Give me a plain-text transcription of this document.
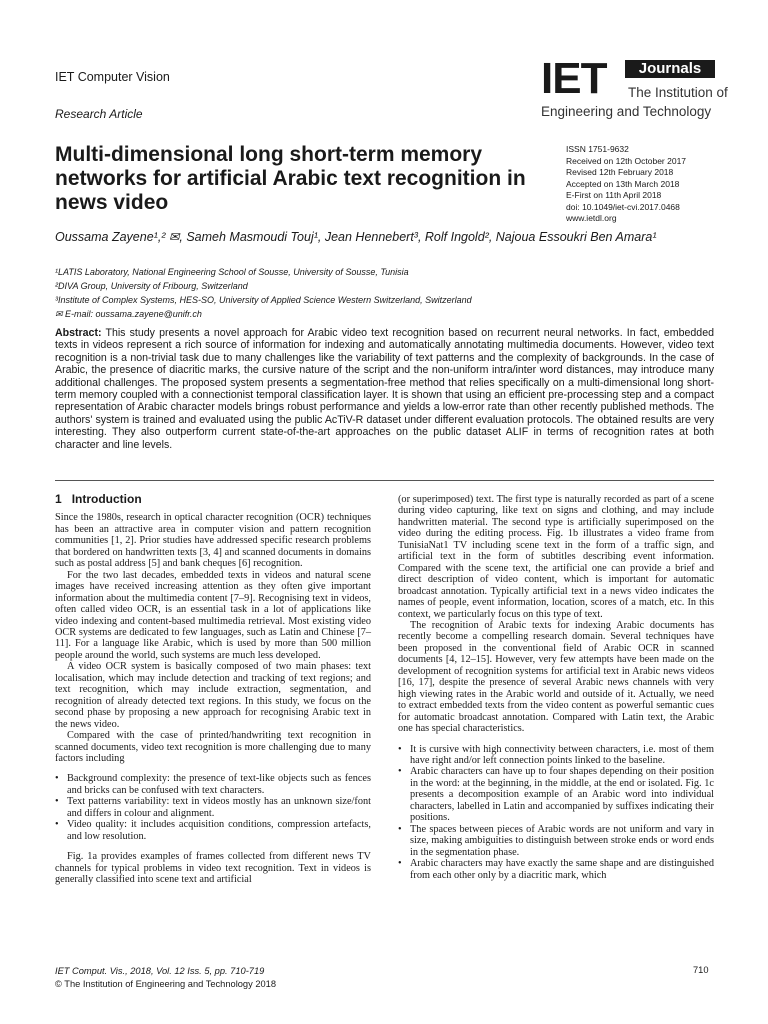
IET Computer Vision
Research Article
IET	Journals
The Institution of
Engineering and Technology
Multi-dimensional long short-term memory networks for artificial Arabic text recognition in news video
ISSN 1751-9632
Received on 12th October 2017
Revised 12th February 2018
Accepted on 13th March 2018
E-First on 11th April 2018
doi: 10.1049/iet-cvi.2017.0468
www.ietdl.org
Oussama Zayene¹,² ✉, Sameh Masmoudi Touj¹, Jean Hennebert³, Rolf Ingold², Najoua Essoukri Ben Amara¹
¹LATIS Laboratory, National Engineering School of Sousse, University of Sousse, Tunisia
²DIVA Group, University of Fribourg, Switzerland
³Institute of Complex Systems, HES-SO, University of Applied Science Western Switzerland, Switzerland
✉ E-mail: oussama.zayene@unifr.ch
Abstract: This study presents a novel approach for Arabic video text recognition based on recurrent neural networks. In fact, embedded texts in videos represent a rich source of information for indexing and automatically annotating multimedia documents. However, video text recognition is a non-trivial task due to many challenges like the variability of text patterns and the complexity of backgrounds. In the case of Arabic, the presence of diacritic marks, the cursive nature of the script and the non-uniform intra/inter word distances, may introduce many additional challenges. The proposed system presents a segmentation-free method that relies specifically on a multi-dimensional long short-term memory coupled with a connectionist temporal classification layer. It is shown that using an efficient pre-processing step and a compact representation of Arabic character models brings robust performance and yields a low-error rate than other recently published methods. The authors' system is trained and evaluated using the public AcTiV-R dataset under different evaluation protocols. The obtained results are very interesting. They also outperform current state-of-the-art approaches on the public dataset ALIF in terms of recognition rates at both character and line levels.
1 Introduction

Since the 1980s, research in optical character recognition (OCR) techniques has been an attractive area in computer vision and pattern recognition communities [1, 2]. Prior studies have addressed specific research problems that bordered on handwritten texts [3, 4] and scanned documents in domains such as postal address [5] and bank cheques [6] recognition.

For the two last decades, embedded texts in videos and natural scene images have received increasing attention as they often give important information about the multimedia content [7–9]. Recognising text in videos, often called video OCR, is an essential task in a lot of applications like video indexing and content-based multimedia retrieval. Most existing video OCR systems are dedicated to few languages, such as Latin and Chinese [7–11]. For a language like Arabic, which is used by more than 500 million people around the world, such systems are much less developed.

A video OCR system is basically composed of two main phases: text localisation, which may include detection and tracking of text regions; and text recognition, which may include extraction, segmentation, and recognition of already detected text regions. In this study, we focus on the second phase by proposing a new approach for recognising Arabic text in the news video.

Compared with the case of printed/handwriting text recognition in scanned documents, video text recognition is more challenging due to many factors including

• Background complexity: the presence of text-like objects such as fences and bricks can be confused with text characters.
• Text patterns variability: text in videos mostly has an unknown size/font and differs in colour and alignment.
• Video quality: it includes acquisition conditions, compression artefacts, and low resolution.

Fig. 1a provides examples of frames collected from different news TV channels for typical problems in video text recognition. Text in videos is generally classified into scene text and artificial

(or superimposed) text. The first type is naturally recorded as part of a scene during video capturing, like text on signs and clothing, and may include handwritten material. The second type is artificially superimposed on the video during the editing process. Fig. 1b illustrates a video frame from TunisiaNat1 TV including scene text in the form of a traffic sign, and artificial text in the form of subtitles describing event information. Compared with the scene text, the artificial one can provide a brief and direct description of video content, which is important for automatic broadcast annotation. Typically artificial text in a news video indicates the names of people, event information, location, scores of a match, etc. In this context, we particularly focus on this type of text.

The recognition of Arabic texts for indexing Arabic documents has recently become a compelling research domain. Several techniques have been proposed in the conventional field of Arabic OCR in scanned documents [4, 12–15]. However, very few attempts have been made on the development of recognition systems for artificial text in Arabic news videos [16, 17], despite the presence of several Arabic news channels with very high viewing rates in the Arabic world and outside of it. Actually, we need to extract embedded texts from the video content as powerful semantic cues for automatic broadcast annotation. Compared with Latin text, the Arabic one has special characteristics.

• It is cursive with high connectivity between characters, i.e. most of them have right and/or left connection points linked to the baseline.
• Arabic characters can have up to four shapes depending on their position in the word: at the beginning, in the middle, at the end or isolated. Fig. 1c presents a decomposition example of an Arabic word into individual characters, labelled in Latin and accompanied by suffixes indicating their positions.
• The spaces between pieces of Arabic words are not uniform and vary in size, making ambiguities to distinguish between stroke ends or word ends in the segmentation phase.
• Arabic characters may have exactly the same shape and are distinguished from each other only by a diacritic mark, which
IET Comput. Vis., 2018, Vol. 12 Iss. 5, pp. 710-719
© The Institution of Engineering and Technology 2018
710
